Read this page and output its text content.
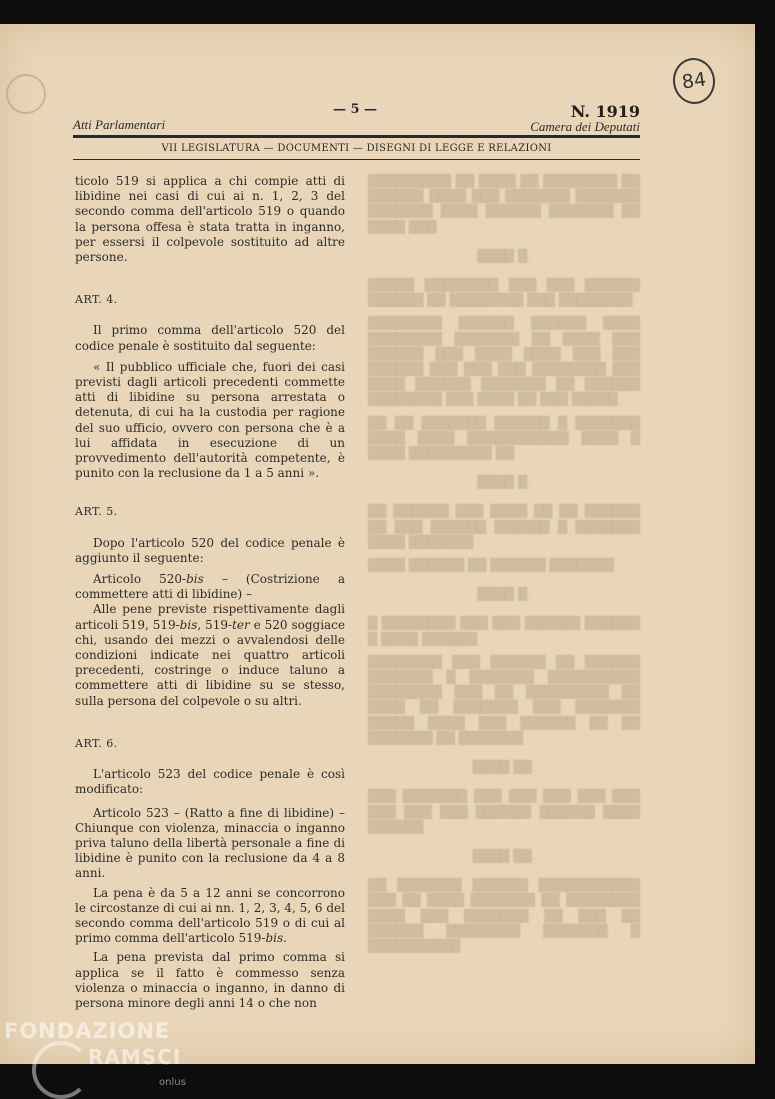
84
Atti Parlamentari
— 5 —	N. 1919
Camera dei Deputati
VII LEGISLATURA — DOCUMENTI — DISEGNI DI LEGGE E RELAZIONI

ticolo 519 si applica a chi compie atti di libidine nei casi di cui ai n. 1, 2, 3 del secondo comma dell'articolo 519 o quando la persona offesa è stata tratta in inganno, per essersi il colpevole sostituito ad altre persone.

ART. 4.

Il primo comma dell'articolo 520 del codice penale è sostituito dal seguente:

« Il pubblico ufficiale che, fuori dei casi previsti dagli articoli precedenti commette atti di libidine su persona arrestata o detenuta, di cui ha la custodia per ragione del suo ufficio, ovvero con persona che è a lui affidata in esecuzione di un provvedimento dell'autorità competente, è punito con la reclusione da 1 a 5 anni ».

ART. 5.

Dopo l'articolo 520 del codice penale è aggiunto il seguente:

Articolo 520-bis – (Costrizione a commettere atti di libidine) –

Alle pene previste rispettivamente dagli articoli 519, 519-bis, 519-ter e 520 soggiace chi, usando dei mezzi o avvalendosi delle condizioni indicate nei quattro articoli precedenti, costringe o induce taluno a commettere atti di libidine su se stesso, sulla persona del colpevole o su altri.

ART. 6.

L'articolo 523 del codice penale è così modificato:

Articolo 523 – (Ratto a fine di libidine) – Chiunque con violenza, minaccia o inganno priva taluno della libertà personale a fine di libidine è punito con la reclusione da 4 a 8 anni.

La pena è da 5 a 12 anni se concorrono le circostanze di cui ai nn. 1, 2, 3, 4, 5, 6 del secondo comma dell'articolo 519 o di cui al primo comma dell'articolo 519-bis.

La pena prevista dal primo comma si applica se il fatto è commesso senza violenza o minaccia o inganno, in danno di persona minore degli anni 14 o che non

█████████ ██ ████ ██ ████████ ██ ██████ ████ ███ ███████ ███████ ███████ ████ ██████ ███████ ██ ████ ███

████ █.

█████ ████████ ███ ███ ██████ ██████ ██ ████████ ███ ████████

████████ ██████ ██████ ████ ████████ ███████ ██ ████ ███ ██████ ███ ████ ████ ███ ███ ██████ ███ ███ ███ ████████ ███ ████ ██████ ███████ ██ ██████ ████████ ███ ████ ██ ███ █████

██ ██ ███████ ██████ █ ███████ ████ ████ ███████████ ████ █ ████ █████████ ██

████ █.

██ ██████ ███ ████ ██ ██ ██████ ██ ███ ██████ ██████ █ ███████ ████ ███████

████ ██████ ██ ██████ ███████

████ █.

█ ████████ ███ ███ ██████ ██████ █ ████ ██████

████████ ███ ██████ ██ ██████ ███████ █ ███████ ██████████ ████████ ███ ██ █████████ ██ ████ ██ ███████ ███ ███████ █████ ████ ███ ██████ ██ ██ ███████ ██ ███████

████ ██.

███ ███████ ███ ███ ███ ███ ███ ███ ███ ███ ██████ ██████ ████ ██████

████ ██.

██ ███████ ██████ ███████████ ███ ██ ████ ███████ ██ ████████ ████ ███ ███████ ██ ███ ██ ██████ ████████ ███████ █ ██████████

FONDAZIONE
RAMSCI
onlus
